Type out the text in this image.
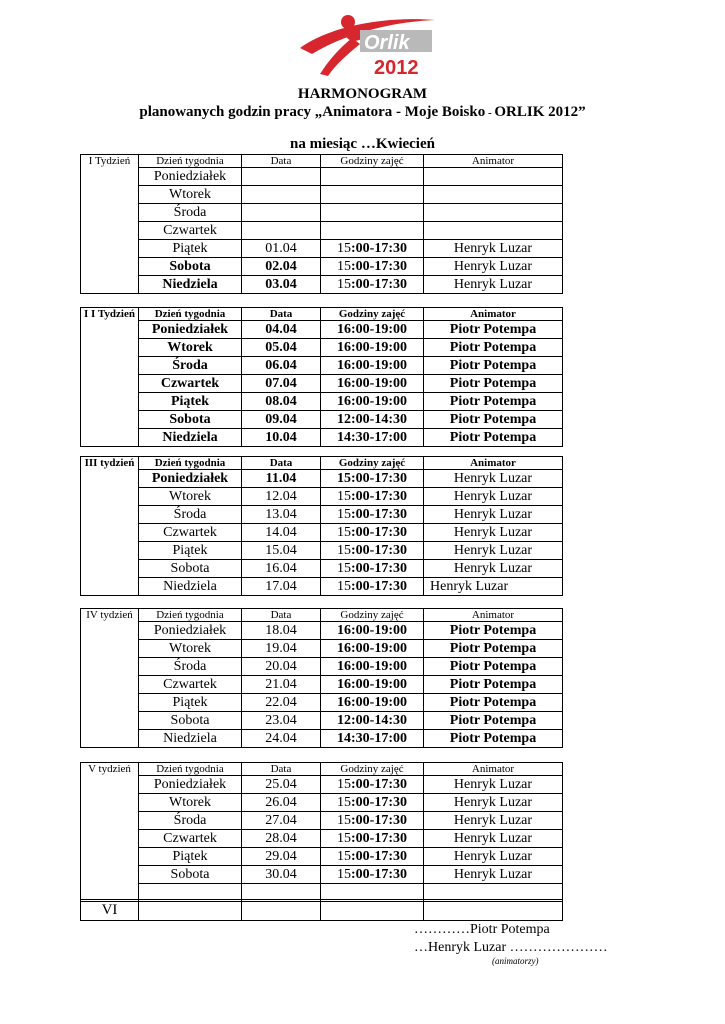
Orlik
2012
HARMONOGRAM
planowanych godzin pracy „Animatora - Moje Boisko - ORLIK 2012”
na miesiąc …Kwiecień
I Tydzień	Dzień tygodnia	Data	Godziny zajęć	Animator
	Poniedziałek			
	Wtorek			
	Środa			
	Czwartek			
	Piątek	01.04	15:00-17:30	Henryk Luzar
	Sobota	02.04	15:00-17:30	Henryk Luzar
	Niedziela	03.04	15:00-17:30	Henryk Luzar
I I Tydzień	Dzień tygodnia	Data	Godziny zajęć	Animator
	Poniedziałek	04.04	16:00-19:00	Piotr Potempa
	Wtorek	05.04	16:00-19:00	Piotr Potempa
	Środa	06.04	16:00-19:00	Piotr Potempa
	Czwartek	07.04	16:00-19:00	Piotr Potempa
	Piątek	08.04	16:00-19:00	Piotr Potempa
	Sobota	09.04	12:00-14:30	Piotr Potempa
	Niedziela	10.04	14:30-17:00	Piotr Potempa
III tydzień	Dzień tygodnia	Data	Godziny zajęć	Animator
	Poniedziałek	11.04	15:00-17:30	Henryk Luzar
	Wtorek	12.04	15:00-17:30	Henryk Luzar
	Środa	13.04	15:00-17:30	Henryk Luzar
	Czwartek	14.04	15:00-17:30	Henryk Luzar
	Piątek	15.04	15:00-17:30	Henryk Luzar
	Sobota	16.04	15:00-17:30	Henryk Luzar
	Niedziela	17.04	15:00-17:30	Henryk Luzar
IV tydzień	Dzień tygodnia	Data	Godziny zajęć	Animator
	Poniedziałek	18.04	16:00-19:00	Piotr Potempa
	Wtorek	19.04	16:00-19:00	Piotr Potempa
	Środa	20.04	16:00-19:00	Piotr Potempa
	Czwartek	21.04	16:00-19:00	Piotr Potempa
	Piątek	22.04	16:00-19:00	Piotr Potempa
	Sobota	23.04	12:00-14:30	Piotr Potempa
	Niedziela	24.04	14:30-17:00	Piotr Potempa
V tydzień	Dzień tygodnia	Data	Godziny zajęć	Animator
	Poniedziałek	25.04	15:00-17:30	Henryk Luzar
	Wtorek	26.04	15:00-17:30	Henryk Luzar
	Środa	27.04	15:00-17:30	Henryk Luzar
	Czwartek	28.04	15:00-17:30	Henryk Luzar
	Piątek	29.04	15:00-17:30	Henryk Luzar
	Sobota	30.04	15:00-17:30	Henryk Luzar

VI				
…………Piotr Potempa
…Henryk Luzar …………………
(animatorzy)
